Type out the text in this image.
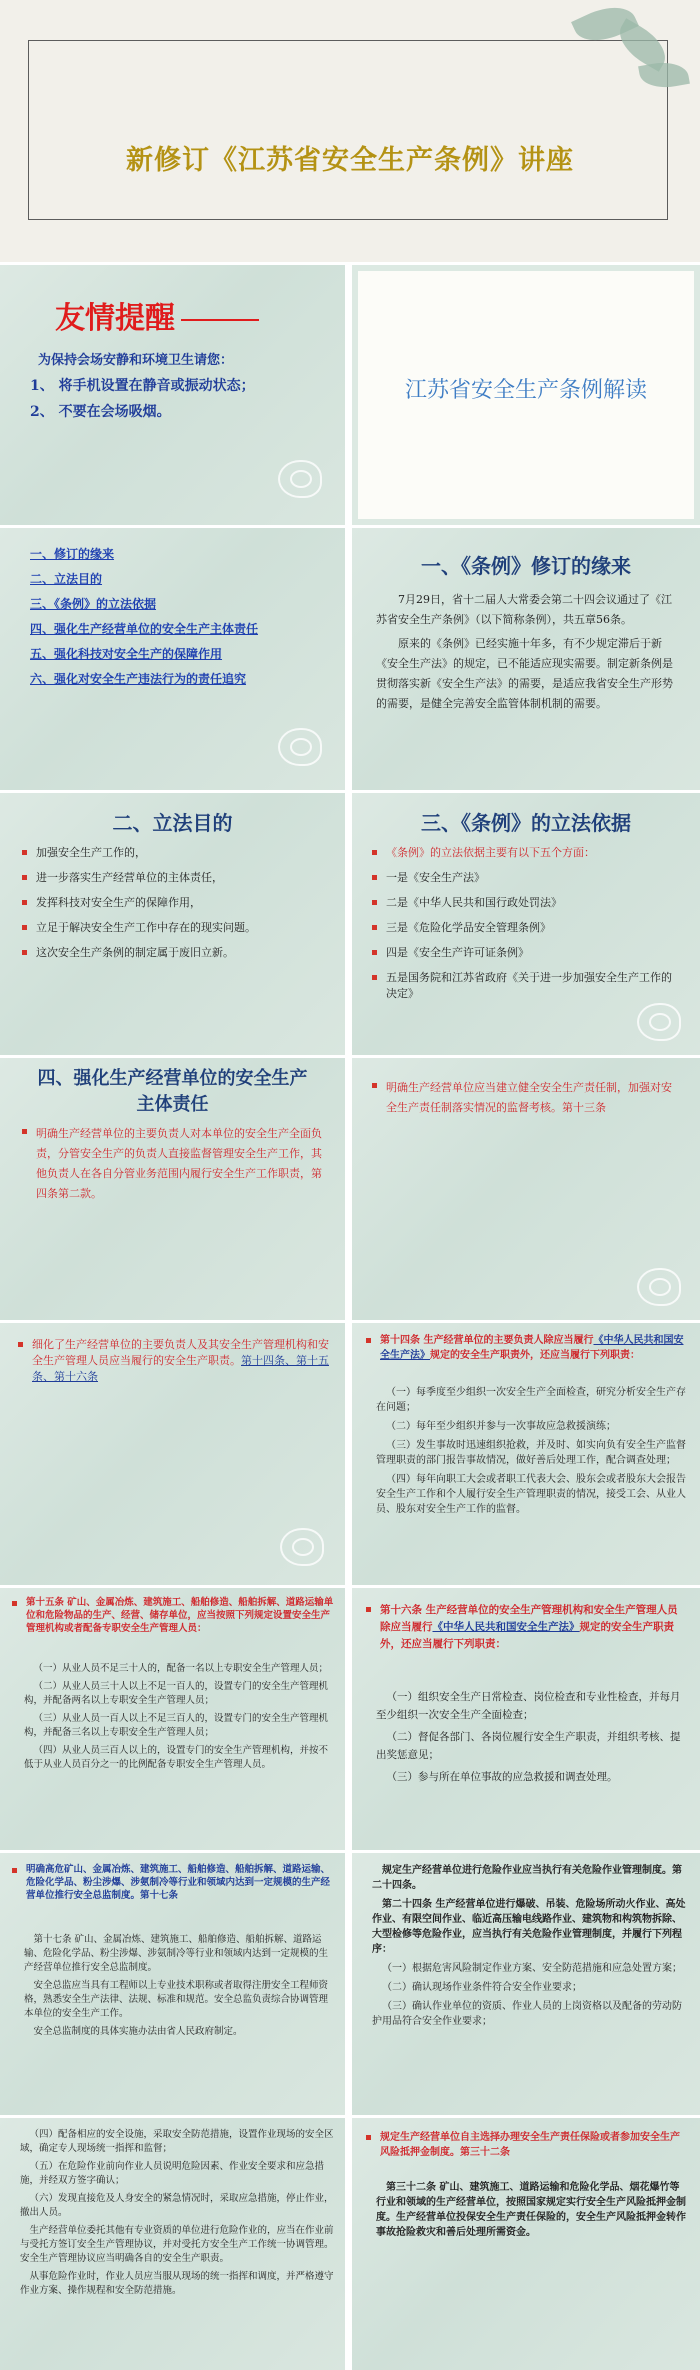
新修订《江苏省安全生产条例》讲座
友情提醒
为保持会场安静和环境卫生请您：
1、 将手机设置在静音或振动状态；
2、 不要在会场吸烟。
江苏省安全生产条例解读
一、修订的缘来
二、立法目的
三、《条例》的立法依据
四、强化生产经营单位的安全生产主体责任
五、强化科技对安全生产的保障作用
六、强化对安全生产违法行为的责任追究
一、《条例》修订的缘来

7月29日，省十二届人大常委会第二十四会议通过了《江苏省安全生产条例》（以下简称条例），共五章56条。

原来的《条例》已经实施十年多，有不少规定滞后于新《安全生产法》的规定，已不能适应现实需要。制定新条例是贯彻落实新《安全生产法》的需要，是适应我省安全生产形势的需要，是健全完善安全监管体制机制的需要。

二、立法目的
加强安全生产工作的，
进一步落实生产经营单位的主体责任，
发挥科技对安全生产的保障作用，
立足于解决安全生产工作中存在的现实问题。
这次安全生产条例的制定属于废旧立新。
三、《条例》的立法依据
《条例》的立法依据主要有以下五个方面：
一是《安全生产法》
二是《中华人民共和国行政处罚法》
三是《危险化学品安全管理条例》
四是《安全生产许可证条例》
五是国务院和江苏省政府《关于进一步加强安全生产工作的决定》
四、强化生产经营单位的安全生产主体责任
明确生产经营单位的主要负责人对本单位的安全生产全面负责，分管安全生产的负责人直接监督管理安全生产工作，其他负责人在各自分管业务范围内履行安全生产工作职责，第四条第二款。
明确生产经营单位应当建立健全安全生产责任制，加强对安全生产责任制落实情况的监督考核。第十三条
细化了生产经营单位的主要负责人及其安全生产管理机构和安全生产管理人员应当履行的安全生产职责。第十四条、第十五条、第十六条
第十四条 生产经营单位的主要负责人除应当履行《中华人民共和国安全生产法》规定的安全生产职责外，还应当履行下列职责：

（一）每季度至少组织一次安全生产全面检查，研究分析安全生产存在问题；

（二）每年至少组织并参与一次事故应急救援演练；

（三）发生事故时迅速组织抢救，并及时、如实向负有安全生产监督管理职责的部门报告事故情况，做好善后处理工作，配合调查处理；

（四）每年向职工大会或者职工代表大会、股东会或者股东大会报告安全生产工作和个人履行安全生产管理职责的情况，接受工会、从业人员、股东对安全生产工作的监督。

第十五条 矿山、金属冶炼、建筑施工、船舶修造、船舶拆解、道路运输单位和危险物品的生产、经营、储存单位，应当按照下列规定设置安全生产管理机构或者配备专职安全生产管理人员：

（一）从业人员不足三十人的，配备一名以上专职安全生产管理人员；

（二）从业人员三十人以上不足一百人的，设置专门的安全生产管理机构，并配备两名以上专职安全生产管理人员；

（三）从业人员一百人以上不足三百人的，设置专门的安全生产管理机构，并配备三名以上专职安全生产管理人员；

（四）从业人员三百人以上的，设置专门的安全生产管理机构，并按不低于从业人员百分之一的比例配备专职安全生产管理人员。

第十六条 生产经营单位的安全生产管理机构和安全生产管理人员除应当履行《中华人民共和国安全生产法》规定的安全生产职责外，还应当履行下列职责：

（一）组织安全生产日常检查、岗位检查和专业性检查，并每月至少组织一次安全生产全面检查；

（二）督促各部门、各岗位履行安全生产职责，并组织考核、提出奖惩意见；

（三）参与所在单位事故的应急救援和调查处理。

明确高危矿山、金属冶炼、建筑施工、船舶修造、船舶拆解、道路运输、危险化学品、粉尘涉爆、涉氨制冷等行业和领域内达到一定规模的生产经营单位推行安全总监制度。第十七条

第十七条 矿山、金属冶炼、建筑施工、船舶修造、船舶拆解、道路运输、危险化学品、粉尘涉爆、涉氨制冷等行业和领域内达到一定规模的生产经营单位推行安全总监制度。

安全总监应当具有工程师以上专业技术职称或者取得注册安全工程师资格，熟悉安全生产法律、法规、标准和规范。安全总监负责综合协调管理本单位的安全生产工作。

安全总监制度的具体实施办法由省人民政府制定。

规定生产经营单位进行危险作业应当执行有关危险作业管理制度。第二十四条。

第二十四条 生产经营单位进行爆破、吊装、危险场所动火作业、高处作业、有限空间作业、临近高压输电线路作业、建筑物和构筑物拆除、大型检修等危险作业，应当执行有关危险作业管理制度，并履行下列程序：

（一）根据危害风险制定作业方案、安全防范措施和应急处置方案；

（二）确认现场作业条件符合安全作业要求；

（三）确认作业单位的资质、作业人员的上岗资格以及配备的劳动防护用品符合安全作业要求；

（四）配备相应的安全设施，采取安全防范措施，设置作业现场的安全区域，确定专人现场统一指挥和监督；

（五）在危险作业前向作业人员说明危险因素、作业安全要求和应急措施，并经双方签字确认；

（六）发现直接危及人身安全的紧急情况时，采取应急措施，停止作业，撤出人员。

生产经营单位委托其他有专业资质的单位进行危险作业的，应当在作业前与受托方签订安全生产管理协议，并对受托方安全生产工作统一协调管理。安全生产管理协议应当明确各自的安全生产职责。

从事危险作业时，作业人员应当服从现场的统一指挥和调度，并严格遵守作业方案、操作规程和安全防范措施。

规定生产经营单位自主选择办理安全生产责任保险或者参加安全生产风险抵押金制度。第三十二条

第三十二条 矿山、建筑施工、道路运输和危险化学品、烟花爆竹等行业和领域的生产经营单位，按照国家规定实行安全生产风险抵押金制度。生产经营单位投保安全生产责任保险的，安全生产风险抵押金转作事故抢险救灾和善后处理所需资金。
